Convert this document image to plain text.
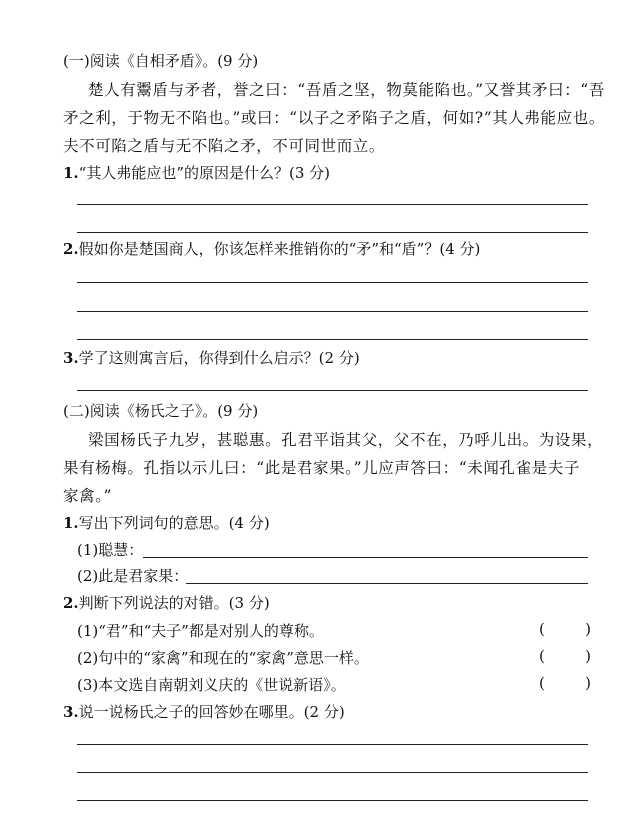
(一)阅读《自相矛盾》。(9 分)
楚人有鬻盾与矛者，誉之曰：“吾盾之坚，物莫能陷也。”又誉其矛曰：“吾
矛之利，于物无不陷也。”或曰：“以子之矛陷子之盾，何如?”其人弗能应也。
夫不可陷之盾与无不陷之矛，不可同世而立。
1.“其人弗能应也”的原因是什么？(3 分)
2.假如你是楚国商人，你该怎样来推销你的“矛”和“盾”？(4 分)
3.学了这则寓言后，你得到什么启示？(2 分)
(二)阅读《杨氏之子》。(9 分)
梁国杨氏子九岁，甚聪惠。孔君平诣其父，父不在，乃呼儿出。为设果，
果有杨梅。孔指以示儿曰：“此是君家果。”儿应声答曰：“未闻孔雀是夫子
家禽。”
1.写出下列词句的意思。(4 分)
(1)聪慧：
(2)此是君家果：
2.判断下列说法的对错。(3 分)
(1)“君”和“夫子”都是对别人的尊称。	(	)
(2)句中的“家禽”和现在的“家禽”意思一样。	(	)
(3)本文选自南朝刘义庆的《世说新语》。	(	)
3.说一说杨氏之子的回答妙在哪里。(2 分)
